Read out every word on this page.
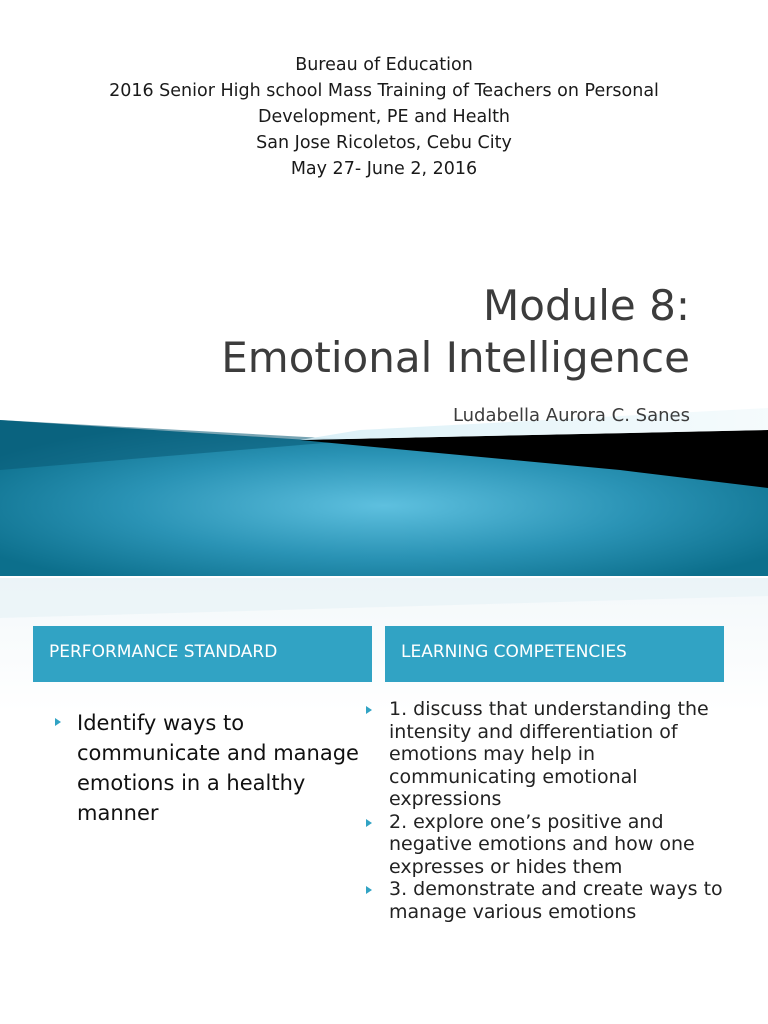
Bureau of Education
2016 Senior High school Mass Training of Teachers on Personal
Development, PE and Health
San Jose Ricoletos, Cebu City
May 27- June 2, 2016
Module 8:
Emotional Intelligence
Ludabella Aurora C. Sanes
PERFORMANCE STANDARD	LEARNING COMPETENCIES
Identify ways to communicate and manage emotions in a healthy manner
1. discuss that understanding the intensity and differentiation of emotions may help in communicating emotional expressions
2. explore one’s positive and negative emotions and how one expresses or hides them
3. demonstrate and create ways to manage various emotions
